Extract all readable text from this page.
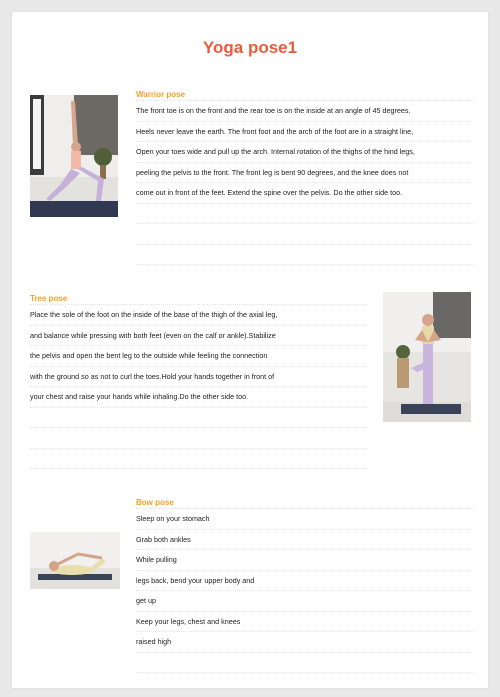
Yoga pose1
Warrior pose
The front toe is on the front and the rear toe is on the inside at an angle of 45 degrees.
Heels never leave the earth. The front foot and the arch of the foot are in a straight line,
Open your toes wide and pull up the arch. Internal rotation of the thighs of the hind legs,
peeling the pelvis to the front. The front leg is bent 90 degrees, and the knee does not
come out in front of the feet. Extend the spine over the pelvis. Do the other side too.
Tree pose
Place the sole of the foot on the inside of the base of the thigh of the axial leg,
and balance while pressing with both feet (even on the calf or ankle).Stabilize
the pelvis and open the bent leg to the outside while feeling the connection
with the ground so as not to curl the toes.Hold your hands together in front of
your chest and raise your hands while inhaling.Do the other side too.
Bow pose
Sleep on your stomach
Grab both ankles
While pulling
legs back, bend your upper body and
get up
Keep your legs, chest and knees
raised high
